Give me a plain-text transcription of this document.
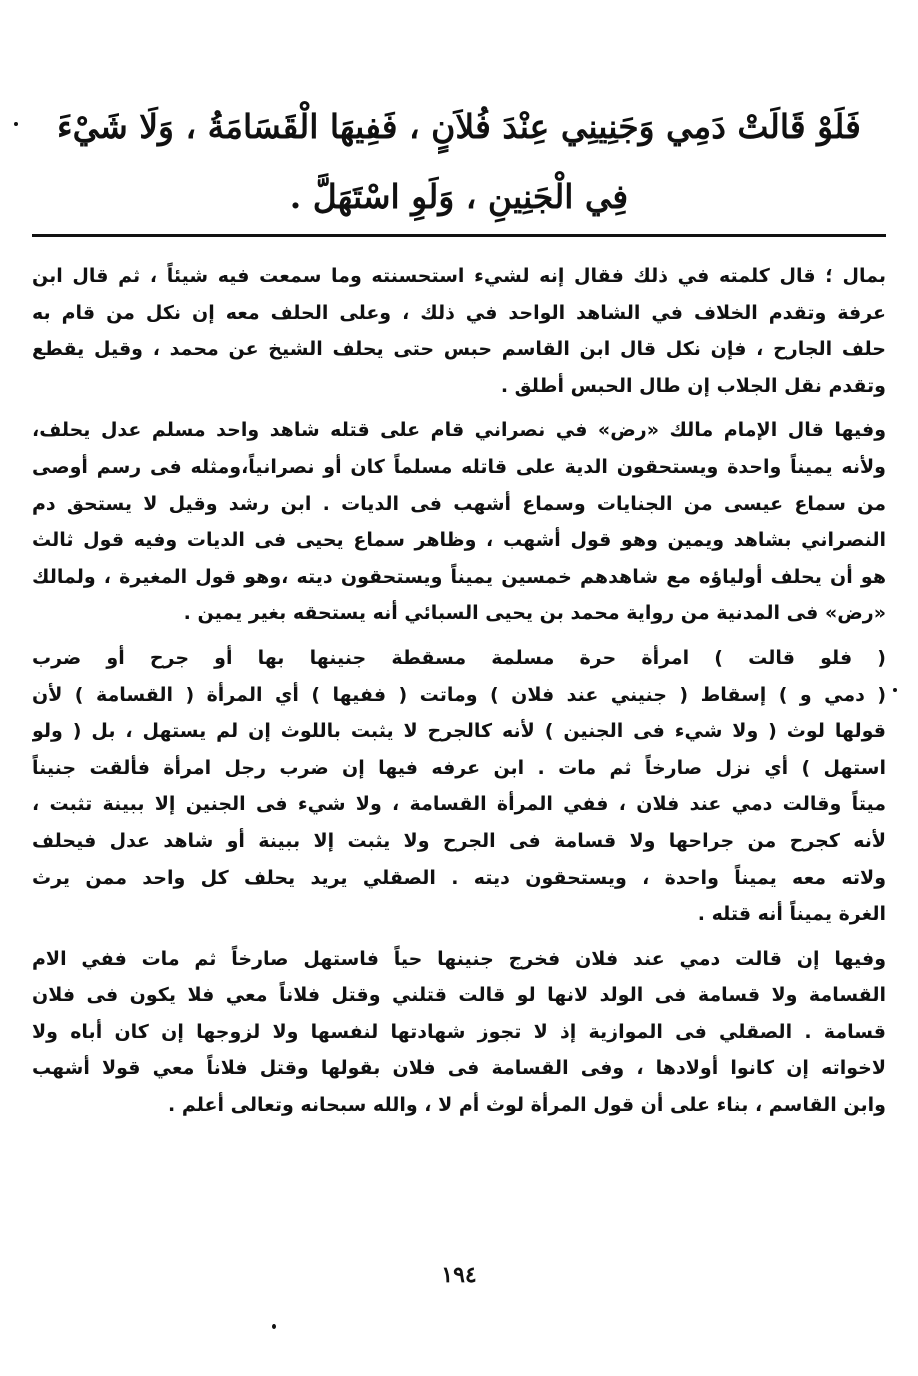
فَلَوْ قَالَتْ دَمِي وَجَنِينِي عِنْدَ فُلاَنٍ ، فَفِيهَا الْقَسَامَةُ ، وَلَا شَيْءَ
فِي الْجَنِينِ ، وَلَوِ اسْتَهَلَّ .

بمال ؛ قال كلمته في ذلك فقال إنه لشيء استحسنته وما سمعت فيه شيئاً ، ثم قال ابن
عرفة وتقدم الخلاف في الشاهد الواحد في ذلك ، وعلى الحلف معه إن نكل من قام به
حلف الجارح ، فإن نكل قال ابن القاسم حبس حتى يحلف الشيخ عن محمد ، وقيل يقطع
وتقدم نقل الجلاب إن طال الحبس أطلق .

وفيها قال الإمام مالك «رض» في نصراني قام على قتله شاهد واحد مسلم عدل يحلف،
ولأنه يميناً واحدة ويستحقون الدية على قاتله مسلماً كان أو نصرانياً،ومثله فى رسم أوصى
من سماع عيسى من الجنايات وسماع أشهب فى الديات . ابن رشد وقيل لا يستحق دم
النصراني بشاهد ويمين وهو قول أشهب ، وظاهر سماع يحيى فى الديات وفيه قول ثالث
هو أن يحلف أولياؤه مع شاهدهم خمسين يميناً ويستحقون ديته ،وهو قول المغيرة ، ولمالك
«رض» فى المدنية من رواية محمد بن يحيى السبائي أنه يستحقه بغير يمين .

( فلو قالت ) امرأة حرة مسلمة مسقطة جنينها بها أو جرح أو ضرب
( دمي و ) إسقاط ( جنيني عند فلان ) وماتت ( ففيها ) أي المرأة ( القسامة ) لأن
قولها لوث ( ولا شيء فى الجنين ) لأنه كالجرح لا يثبت باللوث إن لم يستهل ، بل ( ولو
استهل ) أي نزل صارخاً ثم مات . ابن عرفه فيها إن ضرب رجل امرأة فألقت جنيناً
ميتاً وقالت دمي عند فلان ، ففي المرأة القسامة ، ولا شيء فى الجنين إلا ببينة تثبت ،
لأنه كجرح من جراحها ولا قسامة فى الجرح ولا يثبت إلا ببينة أو شاهد عدل فيحلف
ولاته معه يميناً واحدة ، ويستحقون ديته . الصقلي يريد يحلف كل واحد ممن يرث
الغرة يميناً أنه قتله .

وفيها إن قالت دمي عند فلان فخرج جنينها حياً فاستهل صارخاً ثم مات ففي الام
القسامة ولا قسامة فى الولد لانها لو قالت قتلني وقتل فلاناً معي فلا يكون فى فلان
قسامة . الصقلي فى الموازية إذ لا تجوز شهادتها لنفسها ولا لزوجها إن كان أباه ولا
لاخواته إن كانوا أولادها ، وفى القسامة فى فلان بقولها وقتل فلاناً معي قولا أشهب
وابن القاسم ، بناء على أن قول المرأة لوث أم لا ، والله سبحانه وتعالى أعلم .

١٩٤
